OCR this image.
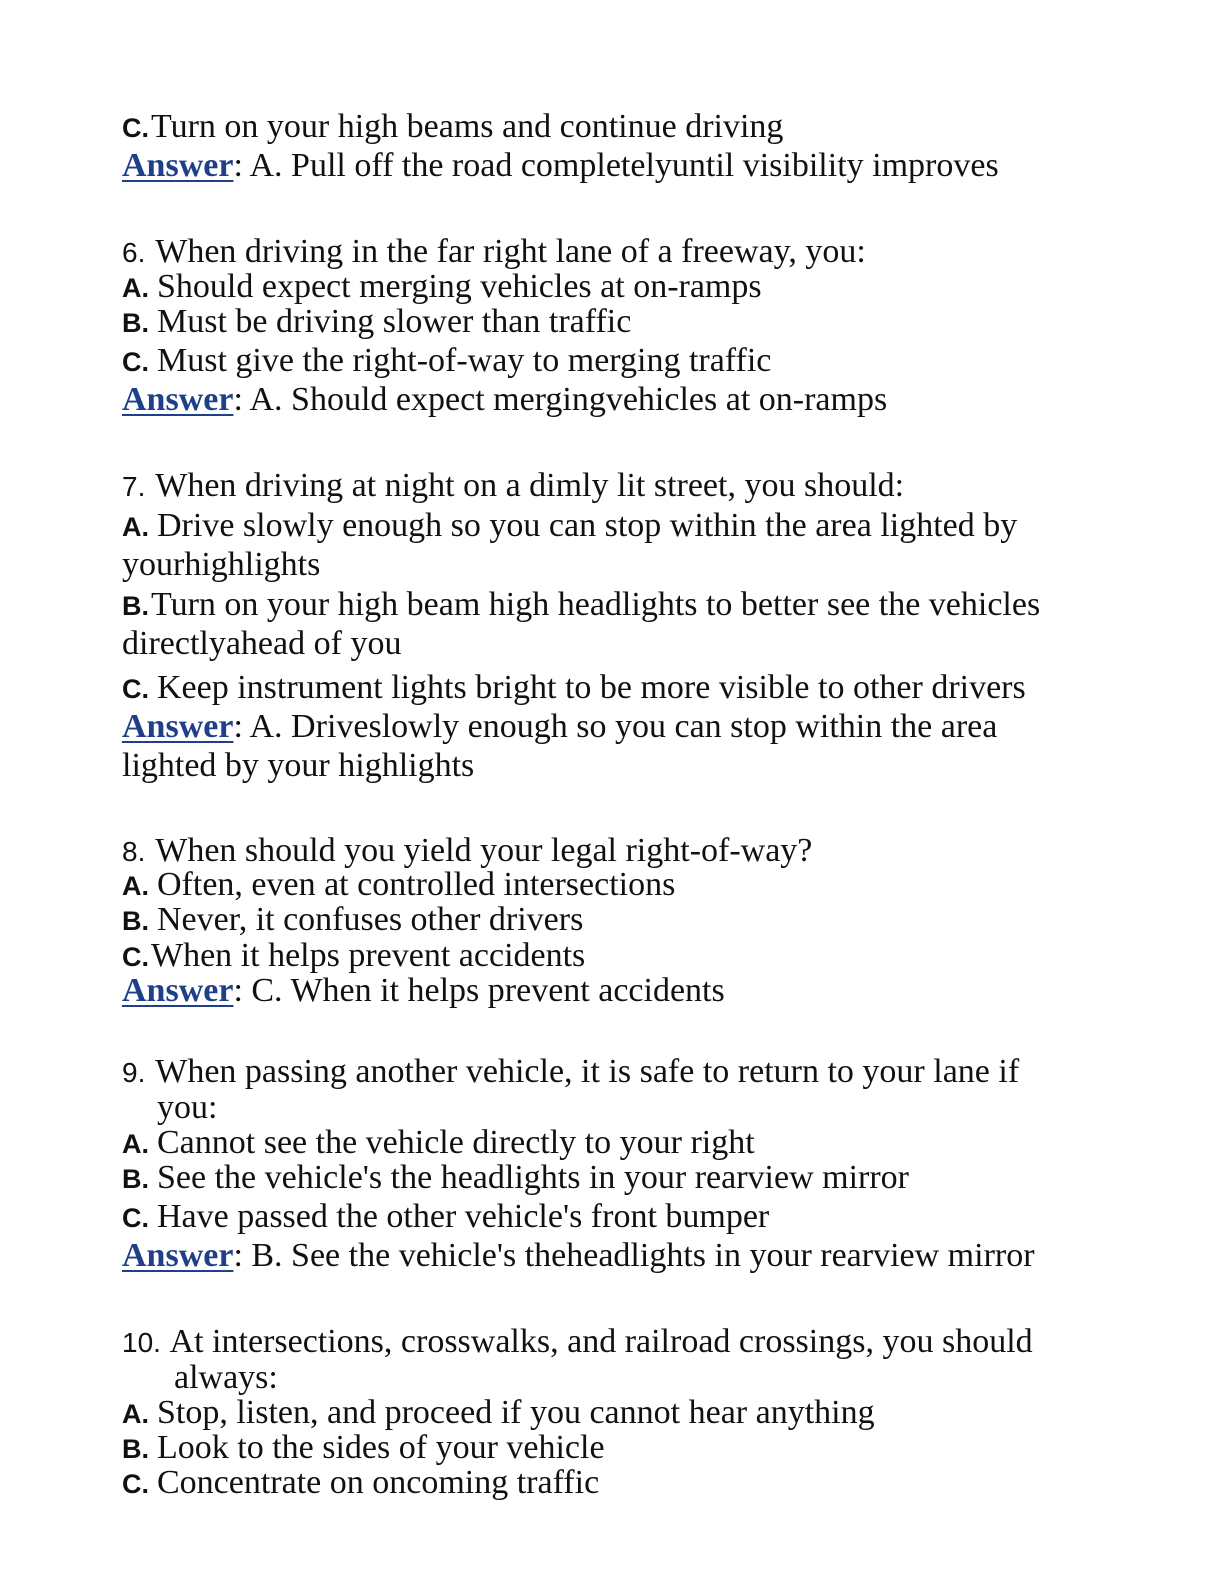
C.Turn on your high beams and continue driving
Answer: A. Pull off the road completelyuntil visibility improves
6. When driving in the far right lane of a freeway, you:
A. Should expect merging vehicles at on-ramps
B. Must be driving slower than traffic
C. Must give the right-of-way to merging traffic
Answer: A. Should expect mergingvehicles at on-ramps
7. When driving at night on a dimly lit street, you should:
A. Drive slowly enough so you can stop within the area lighted by
yourhighlights
B.Turn on your high beam high headlights to better see the vehicles
directlyahead of you
C. Keep instrument lights bright to be more visible to other drivers
Answer: A. Driveslowly enough so you can stop within the area
lighted by your highlights
8. When should you yield your legal right-of-way?
A. Often, even at controlled intersections
B. Never, it confuses other drivers
C.When it helps prevent accidents
Answer: C. When it helps prevent accidents
9. When passing another vehicle, it is safe to return to your lane if
you:
A. Cannot see the vehicle directly to your right
B. See the vehicle's the headlights in your rearview mirror
C. Have passed the other vehicle's front bumper
Answer: B. See the vehicle's theheadlights in your rearview mirror
10. At intersections, crosswalks, and railroad crossings, you should
always:
A. Stop, listen, and proceed if you cannot hear anything
B. Look to the sides of your vehicle
C. Concentrate on oncoming traffic
